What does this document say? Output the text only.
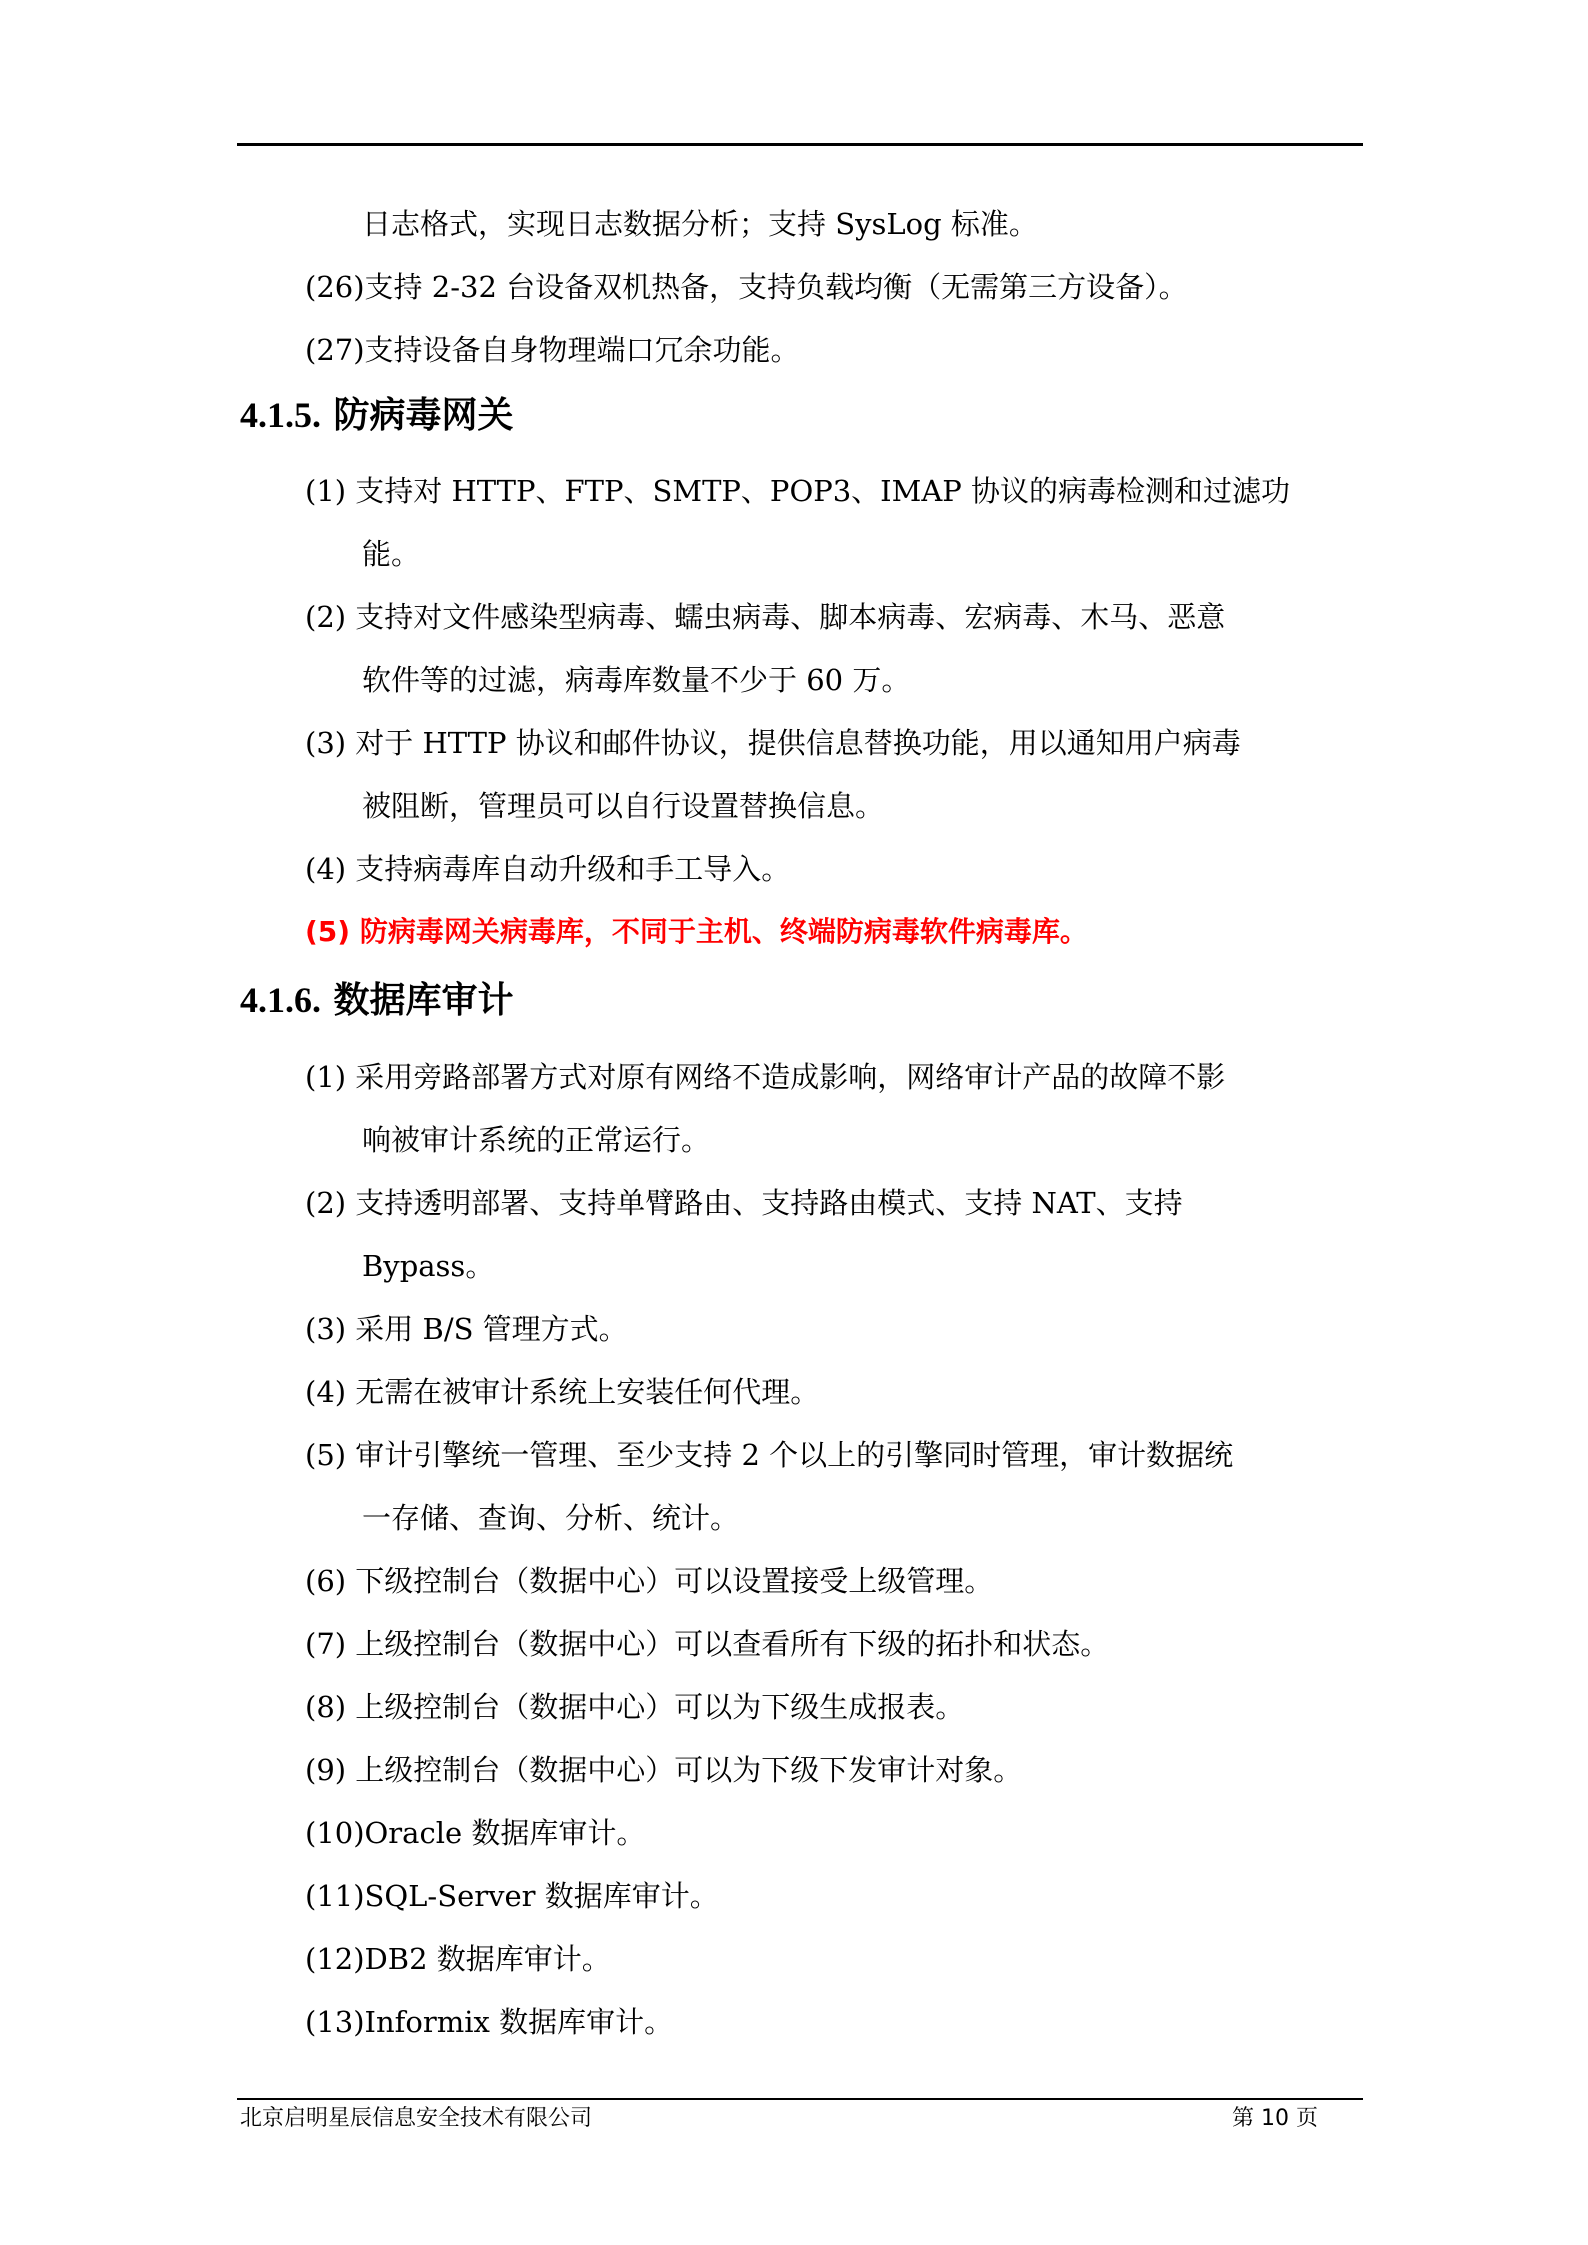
日志格式，实现日志数据分析；支持 SysLog 标准。
(26)支持 2-32 台设备双机热备，支持负载均衡（无需第三方设备）。
(27)支持设备自身物理端口冗余功能。
4.1.5. 防病毒网关
(1) 支持对 HTTP、FTP、SMTP、POP3、IMAP 协议的病毒检测和过滤功
能。
(2) 支持对文件感染型病毒、蠕虫病毒、脚本病毒、宏病毒、木马、恶意
软件等的过滤，病毒库数量不少于 60 万。
(3) 对于 HTTP 协议和邮件协议，提供信息替换功能，用以通知用户病毒
被阻断，管理员可以自行设置替换信息。
(4) 支持病毒库自动升级和手工导入。
(5) 防病毒网关病毒库，不同于主机、终端防病毒软件病毒库。
4.1.6. 数据库审计
(1) 采用旁路部署方式对原有网络不造成影响，网络审计产品的故障不影
响被审计系统的正常运行。
(2) 支持透明部署、支持单臂路由、支持路由模式、支持 NAT、支持
Bypass。
(3) 采用 B/S 管理方式。
(4) 无需在被审计系统上安装任何代理。
(5) 审计引擎统一管理、至少支持 2 个以上的引擎同时管理，审计数据统
一存储、查询、分析、统计。
(6) 下级控制台（数据中心）可以设置接受上级管理。
(7) 上级控制台（数据中心）可以查看所有下级的拓扑和状态。
(8) 上级控制台（数据中心）可以为下级生成报表。
(9) 上级控制台（数据中心）可以为下级下发审计对象。
(10)Oracle 数据库审计。
(11)SQL-Server 数据库审计。
(12)DB2 数据库审计。
(13)Informix 数据库审计。
北京启明星辰信息安全技术有限公司	第 10 页
